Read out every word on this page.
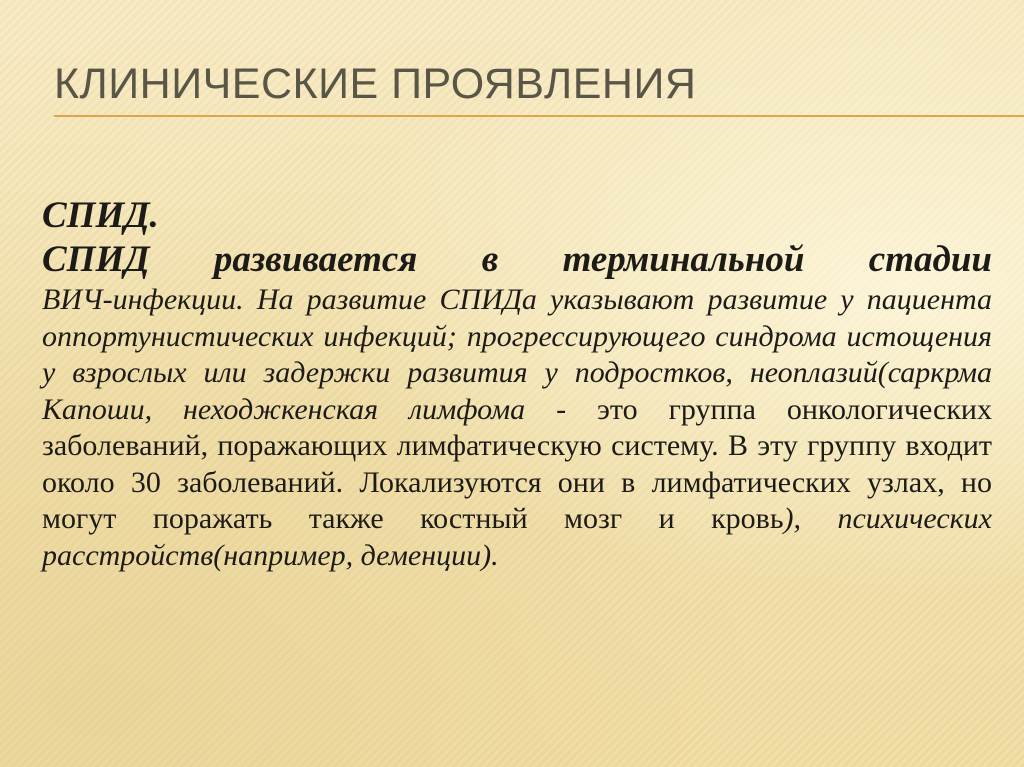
КЛИНИЧЕСКИЕ ПРОЯВЛЕНИЯ

СПИД.

СПИД развивается в терминальной стадии

ВИЧ-инфекции. На развитие СПИДа указывают развитие у пациента оппортунистических инфекций; прогрессирующего синдрома истощения у взрослых или задержки развития у подростков, неоплазий(саркрма Капоши, неходжкенская лимфома - это группа онкологических заболеваний, поражающих лимфатическую систему. В эту группу входит около 30 заболеваний. Локализуются они в лимфатических узлах, но могут поражать также костный мозг и кровь), психических расстройств(например, деменции).
